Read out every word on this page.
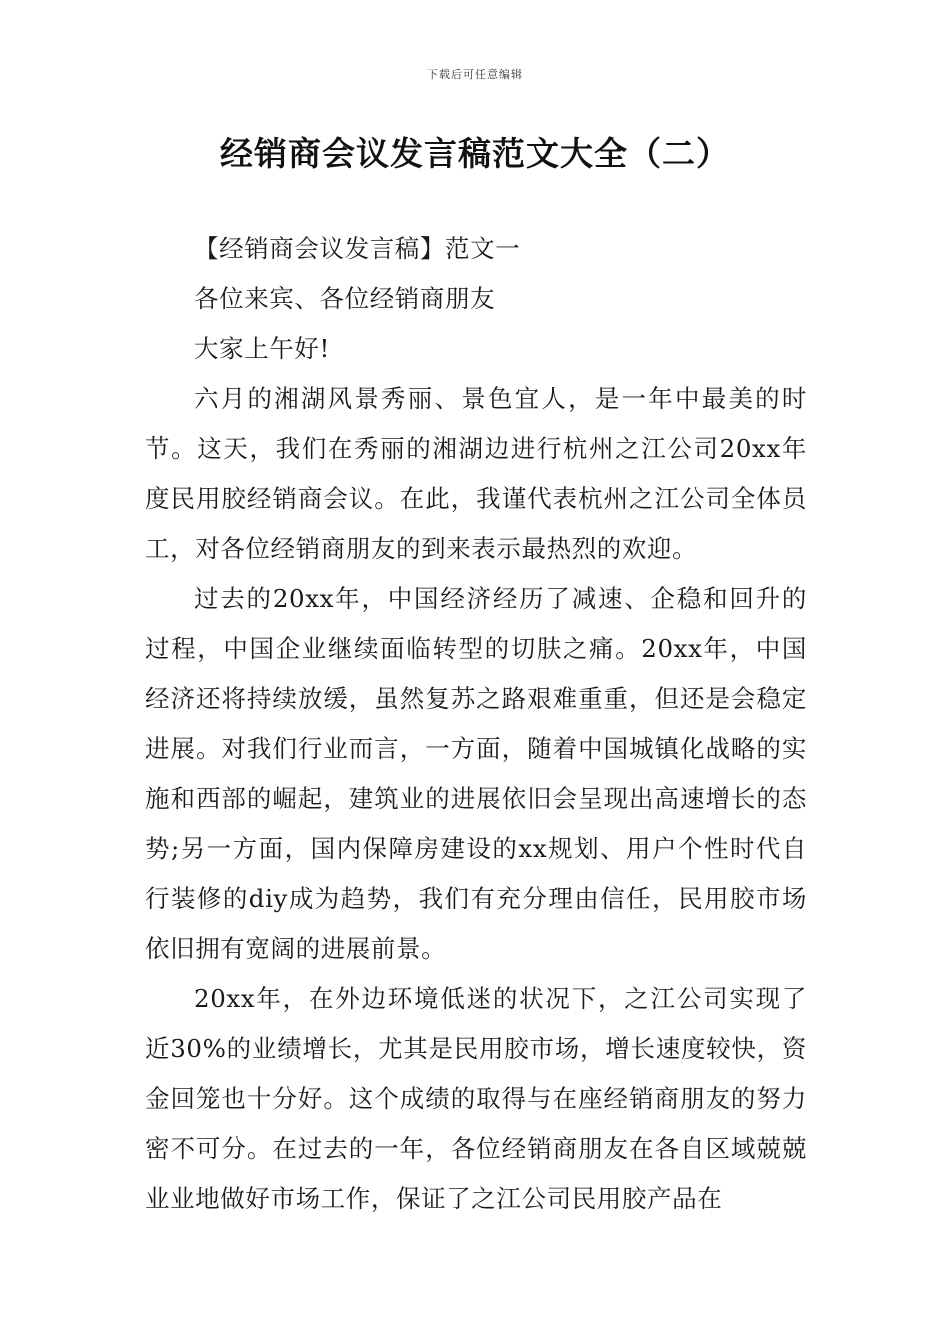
下载后可任意编辑
经销商会议发言稿范文大全（二）

【经销商会议发言稿】范文一

各位来宾、各位经销商朋友

大家上午好!

六月的湘湖风景秀丽、景色宜人，是一年中最美的时节。这天，我们在秀丽的湘湖边进行杭州之江公司20xx年度民用胶经销商会议。在此，我谨代表杭州之江公司全体员工，对各位经销商朋友的到来表示最热烈的欢迎。

过去的20xx年，中国经济经历了减速、企稳和回升的过程，中国企业继续面临转型的切肤之痛。20xx年，中国经济还将持续放缓，虽然复苏之路艰难重重，但还是会稳定进展。对我们行业而言，一方面，随着中国城镇化战略的实施和西部的崛起，建筑业的进展依旧会呈现出高速增长的态势;另一方面，国内保障房建设的xx规划、用户个性时代自行装修的diy成为趋势，我们有充分理由信任，民用胶市场依旧拥有宽阔的进展前景。

20xx年，在外边环境低迷的状况下，之江公司实现了近30%的业绩增长，尤其是民用胶市场，增长速度较快，资金回笼也十分好。这个成绩的取得与在座经销商朋友的努力密不可分。在过去的一年，各位经销商朋友在各自区域兢兢业业地做好市场工作，保证了之江公司民用胶产品在
